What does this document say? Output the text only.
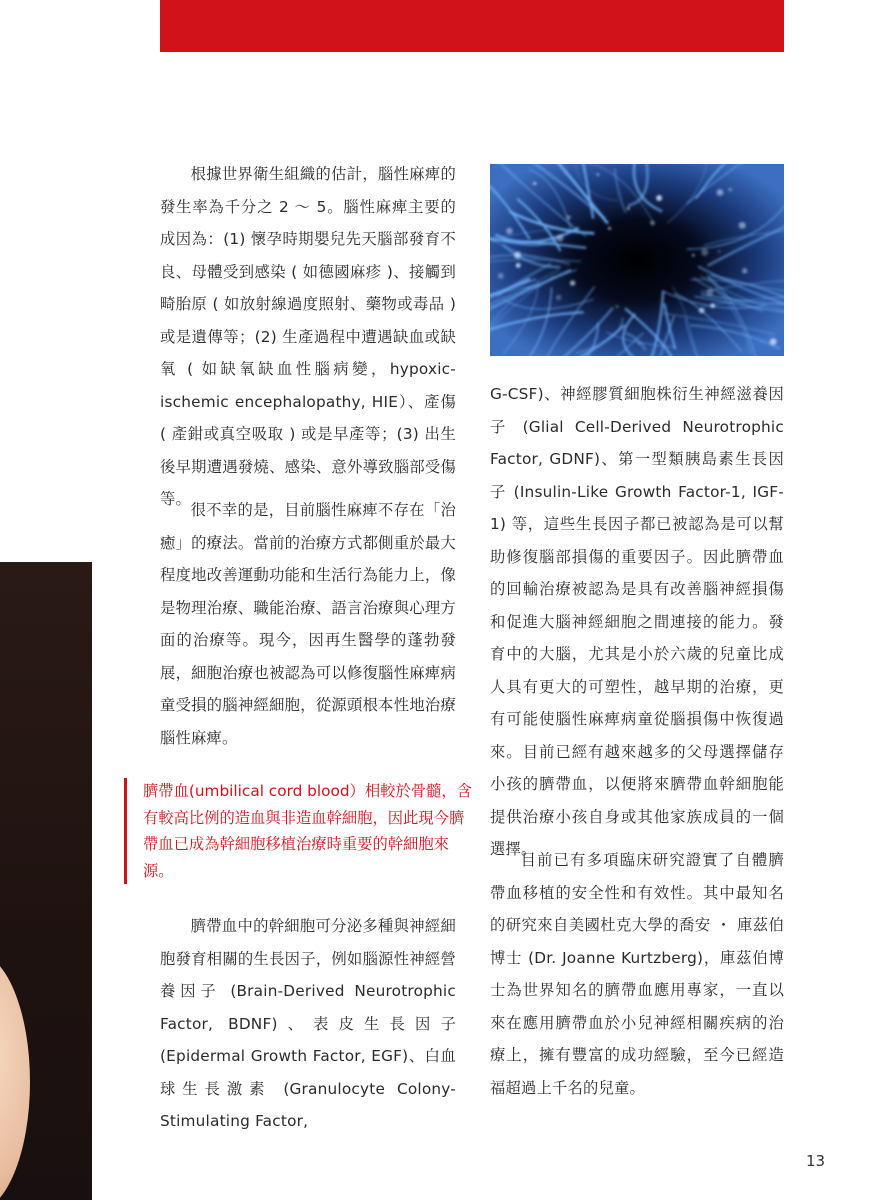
根據世界衛生組織的估計，腦性麻痺的發生率為千分之 2 ～ 5。腦性麻痺主要的成因為：(1) 懷孕時期嬰兒先天腦部發育不良、母體受到感染 ( 如德國麻疹 )、接觸到畸胎原 ( 如放射線過度照射、藥物或毒品 ) 或是遺傳等；(2) 生產過程中遭遇缺血或缺氧 ( 如缺氧缺血性腦病變，hypoxic-ischemic encephalopathy, HIE）、產傷 ( 產鉗或真空吸取 ) 或是早產等；(3) 出生後早期遭遇發燒、感染、意外導致腦部受傷等。

很不幸的是，目前腦性麻痺不存在「治癒」的療法。當前的治療方式都側重於最大程度地改善運動功能和生活行為能力上，像是物理治療、職能治療、語言治療與心理方面的治療等。現今，因再生醫學的蓬勃發展，細胞治療也被認為可以修復腦性麻痺病童受損的腦神經細胞，從源頭根本性地治療腦性麻痺。

臍帶血(umbilical cord blood）相較於骨髓，含有較高比例的造血與非造血幹細胞，因此現今臍帶血已成為幹細胞移植治療時重要的幹細胞來源。

臍帶血中的幹細胞可分泌多種與神經細胞發育相關的生長因子，例如腦源性神經營養因子 (Brain-Derived Neurotrophic Factor, BDNF)、表皮生長因子 (Epidermal Growth Factor, EGF)、白血球生長激素 (Granulocyte Colony-Stimulating Factor,

G-CSF)、神經膠質細胞株衍生神經滋養因子 (Glial Cell-Derived Neurotrophic Factor, GDNF)、第一型類胰島素生長因子 (Insulin-Like Growth Factor-1, IGF-1) 等，這些生長因子都已被認為是可以幫助修復腦部損傷的重要因子。因此臍帶血的回輸治療被認為是具有改善腦神經損傷和促進大腦神經細胞之間連接的能力。發育中的大腦，尤其是小於六歲的兒童比成人具有更大的可塑性，越早期的治療，更有可能使腦性麻痺病童從腦損傷中恢復過來。目前已經有越來越多的父母選擇儲存小孩的臍帶血，以便將來臍帶血幹細胞能提供治療小孩自身或其他家族成員的一個選擇。

目前已有多項臨床研究證實了自體臍帶血移植的安全性和有效性。其中最知名的研究來自美國杜克大學的喬安 ・ 庫茲伯博士 (Dr. Joanne Kurtzberg)，庫茲伯博士為世界知名的臍帶血應用專家，一直以來在應用臍帶血於小兒神經相關疾病的治療上，擁有豐富的成功經驗，至今已經造福超過上千名的兒童。

13
